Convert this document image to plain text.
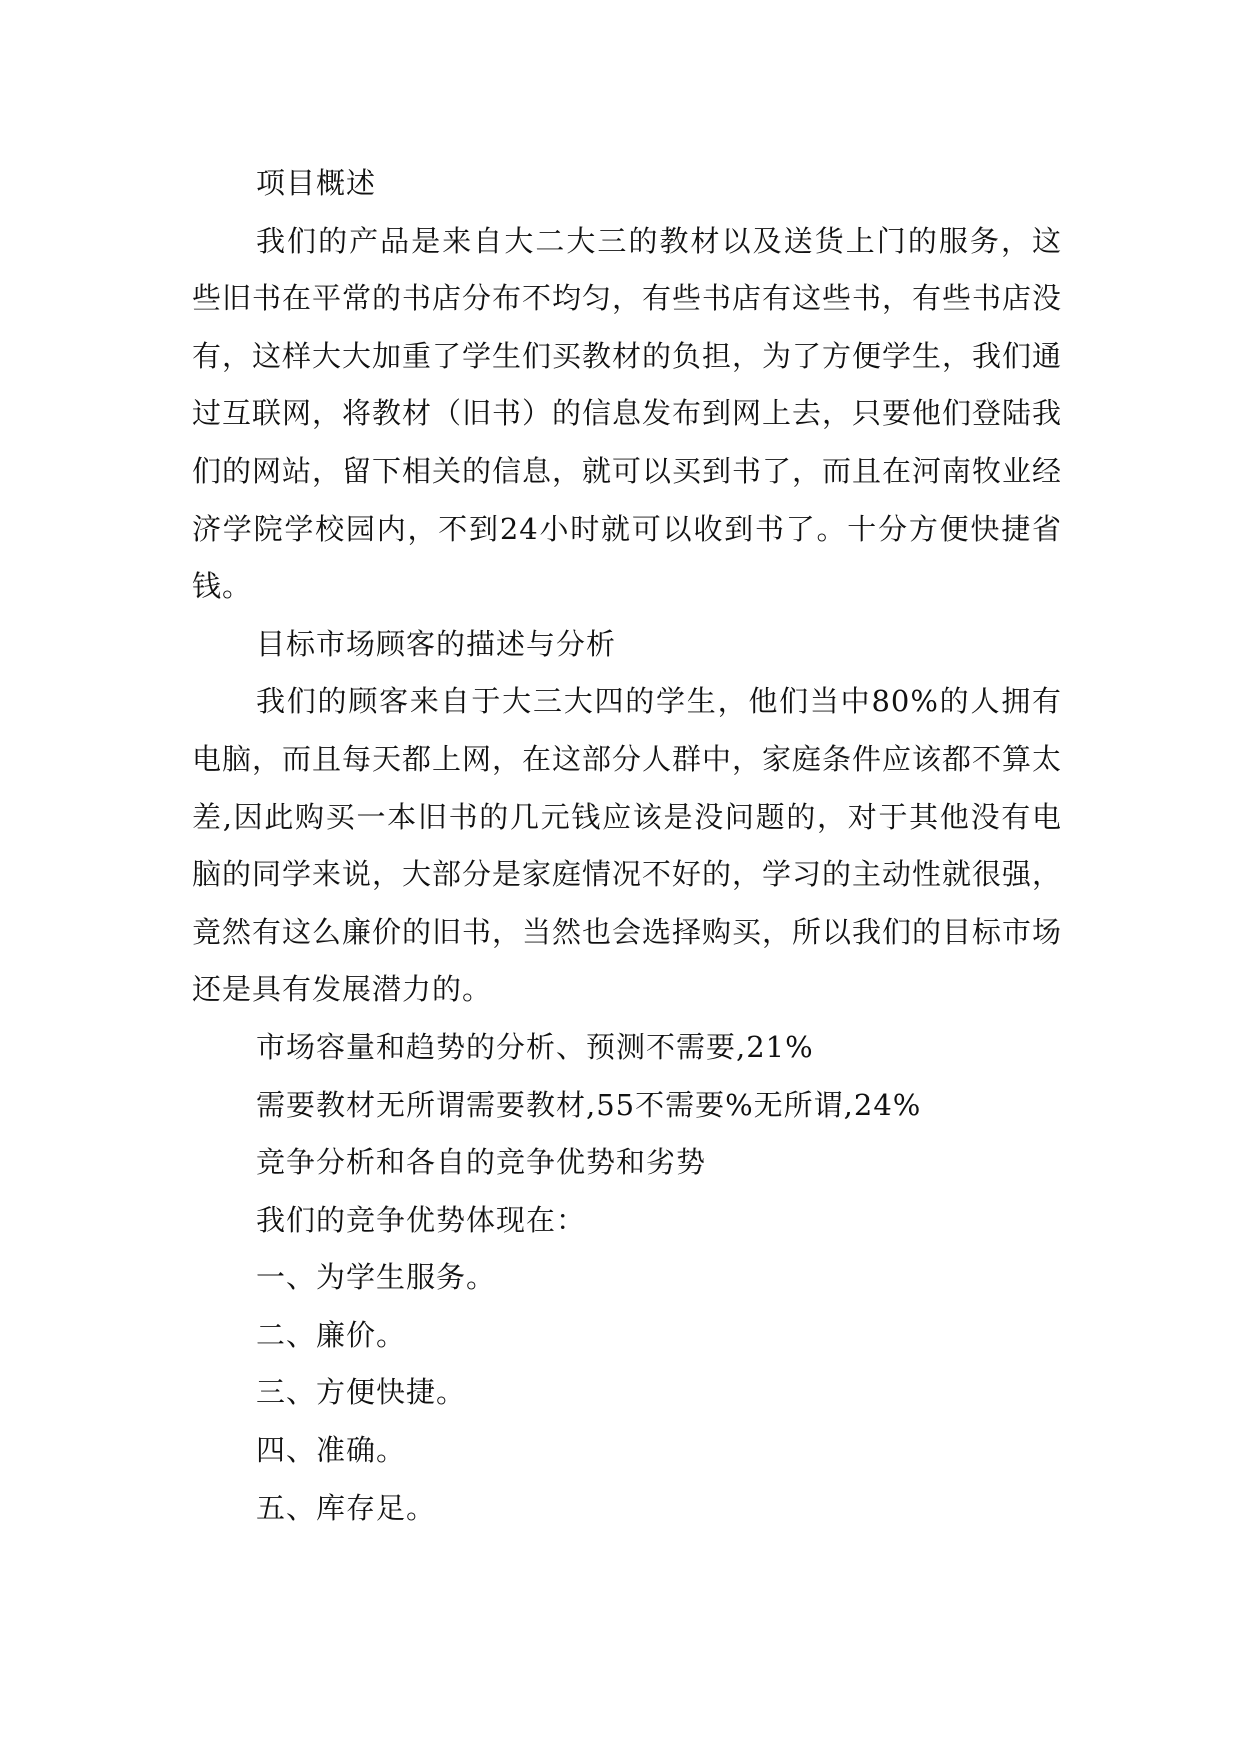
项目概述

我们的产品是来自大二大三的教材以及送货上门的服务，这些旧书在平常的书店分布不均匀，有些书店有这些书，有些书店没有，这样大大加重了学生们买教材的负担，为了方便学生，我们通过互联网，将教材（旧书）的信息发布到网上去，只要他们登陆我们的网站，留下相关的信息，就可以买到书了，而且在河南牧业经济学院学校园内，不到24小时就可以收到书了。十分方便快捷省钱。

目标市场顾客的描述与分析

我们的顾客来自于大三大四的学生，他们当中80%的人拥有电脑，而且每天都上网，在这部分人群中，家庭条件应该都不算太差,因此购买一本旧书的几元钱应该是没问题的，对于其他没有电脑的同学来说，大部分是家庭情况不好的，学习的主动性就很强，竟然有这么廉价的旧书，当然也会选择购买，所以我们的目标市场还是具有发展潜力的。

市场容量和趋势的分析、预测不需要,21%

需要教材无所谓需要教材,55不需要%无所谓,24%

竞争分析和各自的竞争优势和劣势

我们的竞争优势体现在：

一、为学生服务。

二、廉价。

三、方便快捷。

四、准确。

五、库存足。
